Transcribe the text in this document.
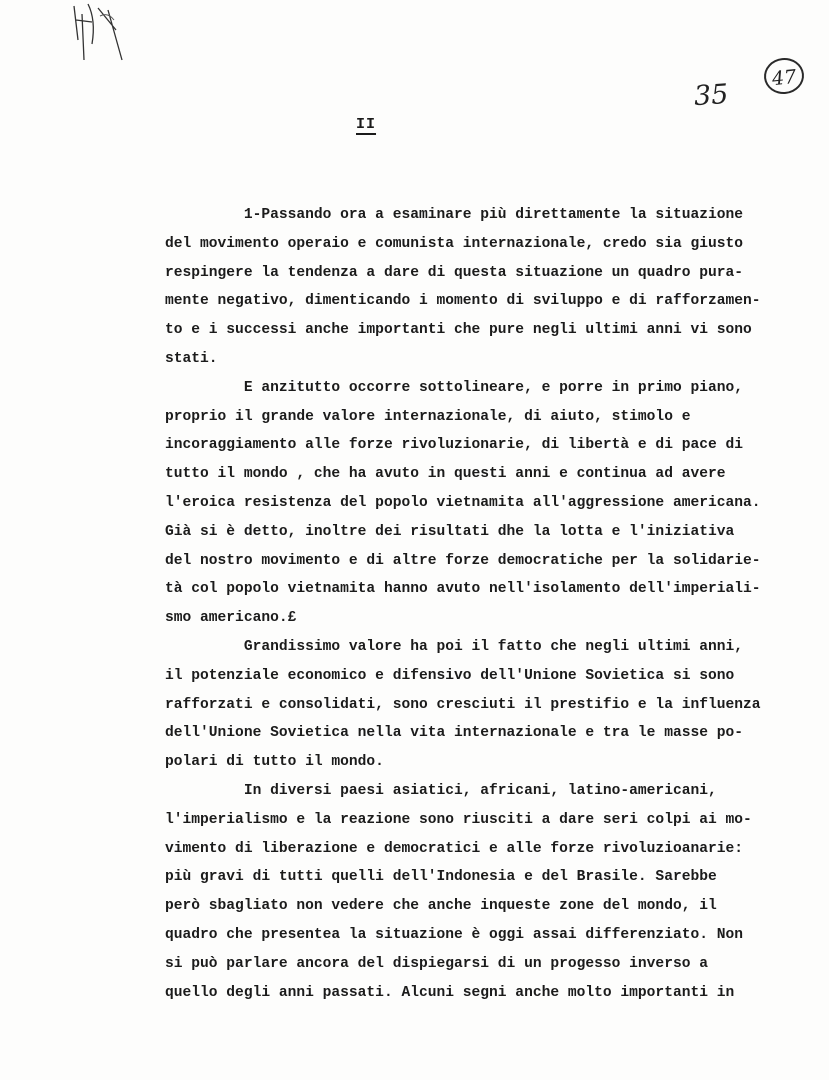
35
47
II
1-Passando ora a esaminare più direttamente la situazione
del movimento operaio e comunista internazionale, credo sia giusto
respingere la tendenza a dare di questa situazione un quadro pura-
mente negativo, dimenticando i momento di sviluppo e di rafforzamen-
to e i successi anche importanti che pure negli ultimi anni vi sono
stati.
E anzitutto occorre sottolineare, e porre in primo piano,
proprio il grande valore internazionale, di aiuto, stimolo e
incoraggiamento alle forze rivoluzionarie, di libertà e di pace di
tutto il mondo , che ha avuto in questi anni e continua ad avere
l'eroica resistenza del popolo vietnamita all'aggressione americana.
Già si è detto, inoltre dei risultati dhe la lotta e l'iniziativa
del nostro movimento e di altre forze democratiche per la solidarie-
tà col popolo vietnamita hanno avuto nell'isolamento dell'imperiali-
smo americano.£
Grandissimo valore ha poi il fatto che negli ultimi anni,
il potenziale economico e difensivo dell'Unione Sovietica si sono
rafforzati e consolidati, sono cresciuti il prestifio e la influenza
dell'Unione Sovietica nella vita internazionale e tra le masse po-
polari di tutto il mondo.
In diversi paesi asiatici, africani, latino-americani,
l'imperialismo e la reazione sono riusciti a dare seri colpi ai mo-
vimento di liberazione e democratici e alle forze rivoluzioanarie:
più gravi di tutti quelli dell'Indonesia e del Brasile. Sarebbe
però sbagliato non vedere che anche inqueste zone del mondo, il
quadro che presentea la situazione è oggi assai differenziato. Non
si può parlare ancora del dispiegarsi di un progesso inverso a
quello degli anni passati. Alcuni segni anche molto importanti in
